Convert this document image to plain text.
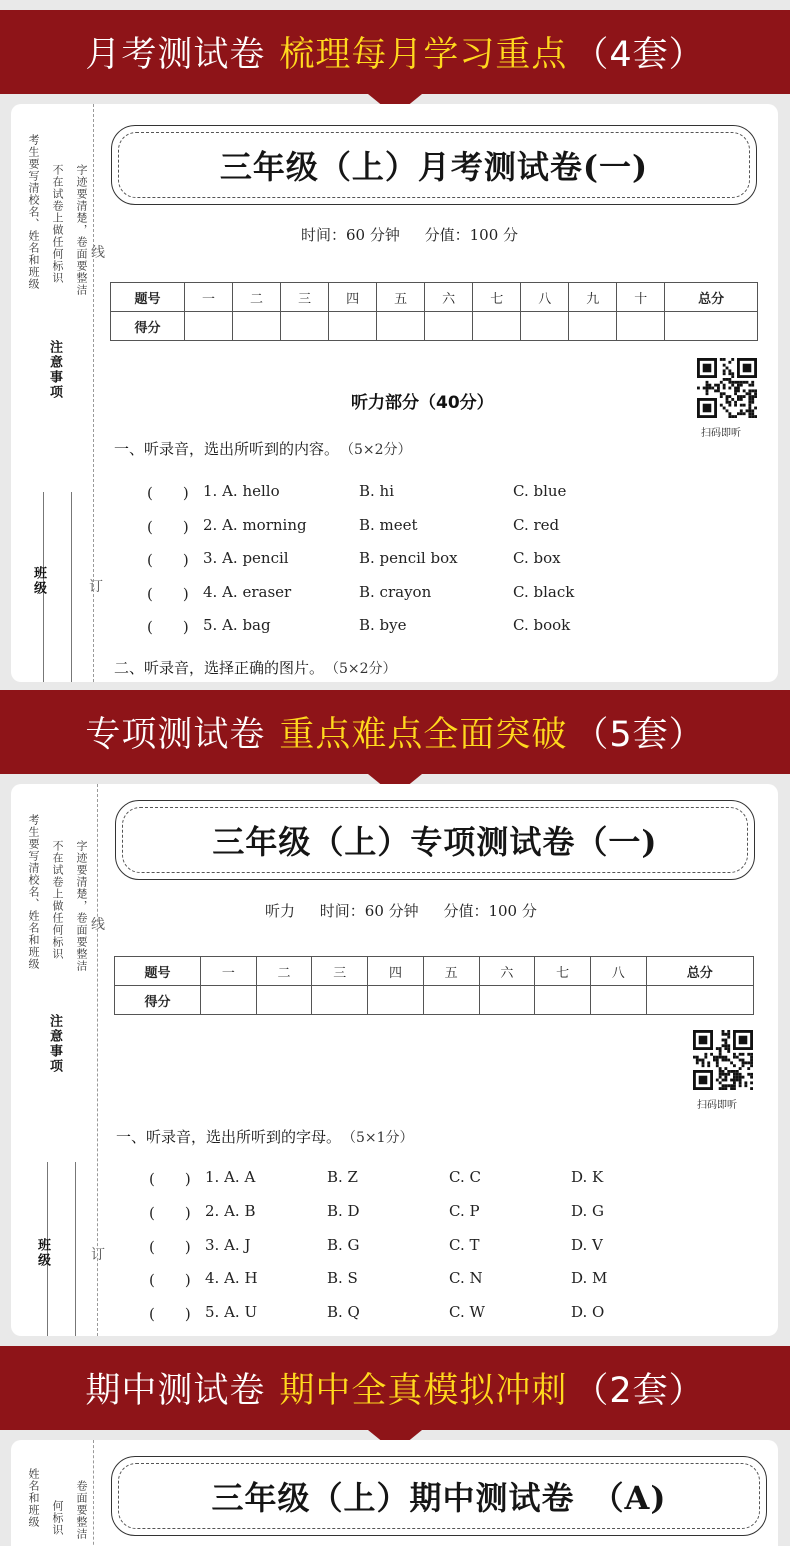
月考测试卷 梳理每月学习重点 （4套）
考生要写清校名、姓名和班级 不在试卷上做任何标识 字迹要清楚，卷面要整洁
注意事项
线
班级	订
三年级（上）月考测试卷(一)
时间：60 分钟 分值：100 分
题号	一	二	三	四	五	六	七	八	九	十	总分
得分											
扫码即听
听力部分（40分）
一、听录音，选出所听到的内容。 （5×2分）
(　　) 1. A. hello	B. hi	C. blue
(　　) 2. A. morning	B. meet	C. red
(　　) 3. A. pencil	B. pencil box	C. box
(　　) 4. A. eraser	B. crayon	C. black
(　　) 5. A. bag	B. bye	C. book
二、听录音，选择正确的图片。 （5×2分）
专项测试卷 重点难点全面突破 （5套）
考生要写清校名、姓名和班级 不在试卷上做任何标识 字迹要清楚，卷面要整洁
注意事项
线
班级	订
三年级（上）专项测试卷（一)
听力 时间：60 分钟 分值：100 分
题号	一	二	三	四	五	六	七	八	总分
得分									
扫码即听
一、听录音，选出所听到的字母。 （5×1分）
(　　) 1. A. A	B. Z	C. C	D. K
(　　) 2. A. B	B. D	C. P	D. G
(　　) 3. A. J	B. G	C. T	D. V
(　　) 4. A. H	B. S	C. N	D. M
(　　) 5. A. U	B. Q	C. W	D. O
期中测试卷 期中全真模拟冲刺 （2套）
姓名和班级 何标识 卷面要整洁	三年级（上）期中测试卷　（A)
